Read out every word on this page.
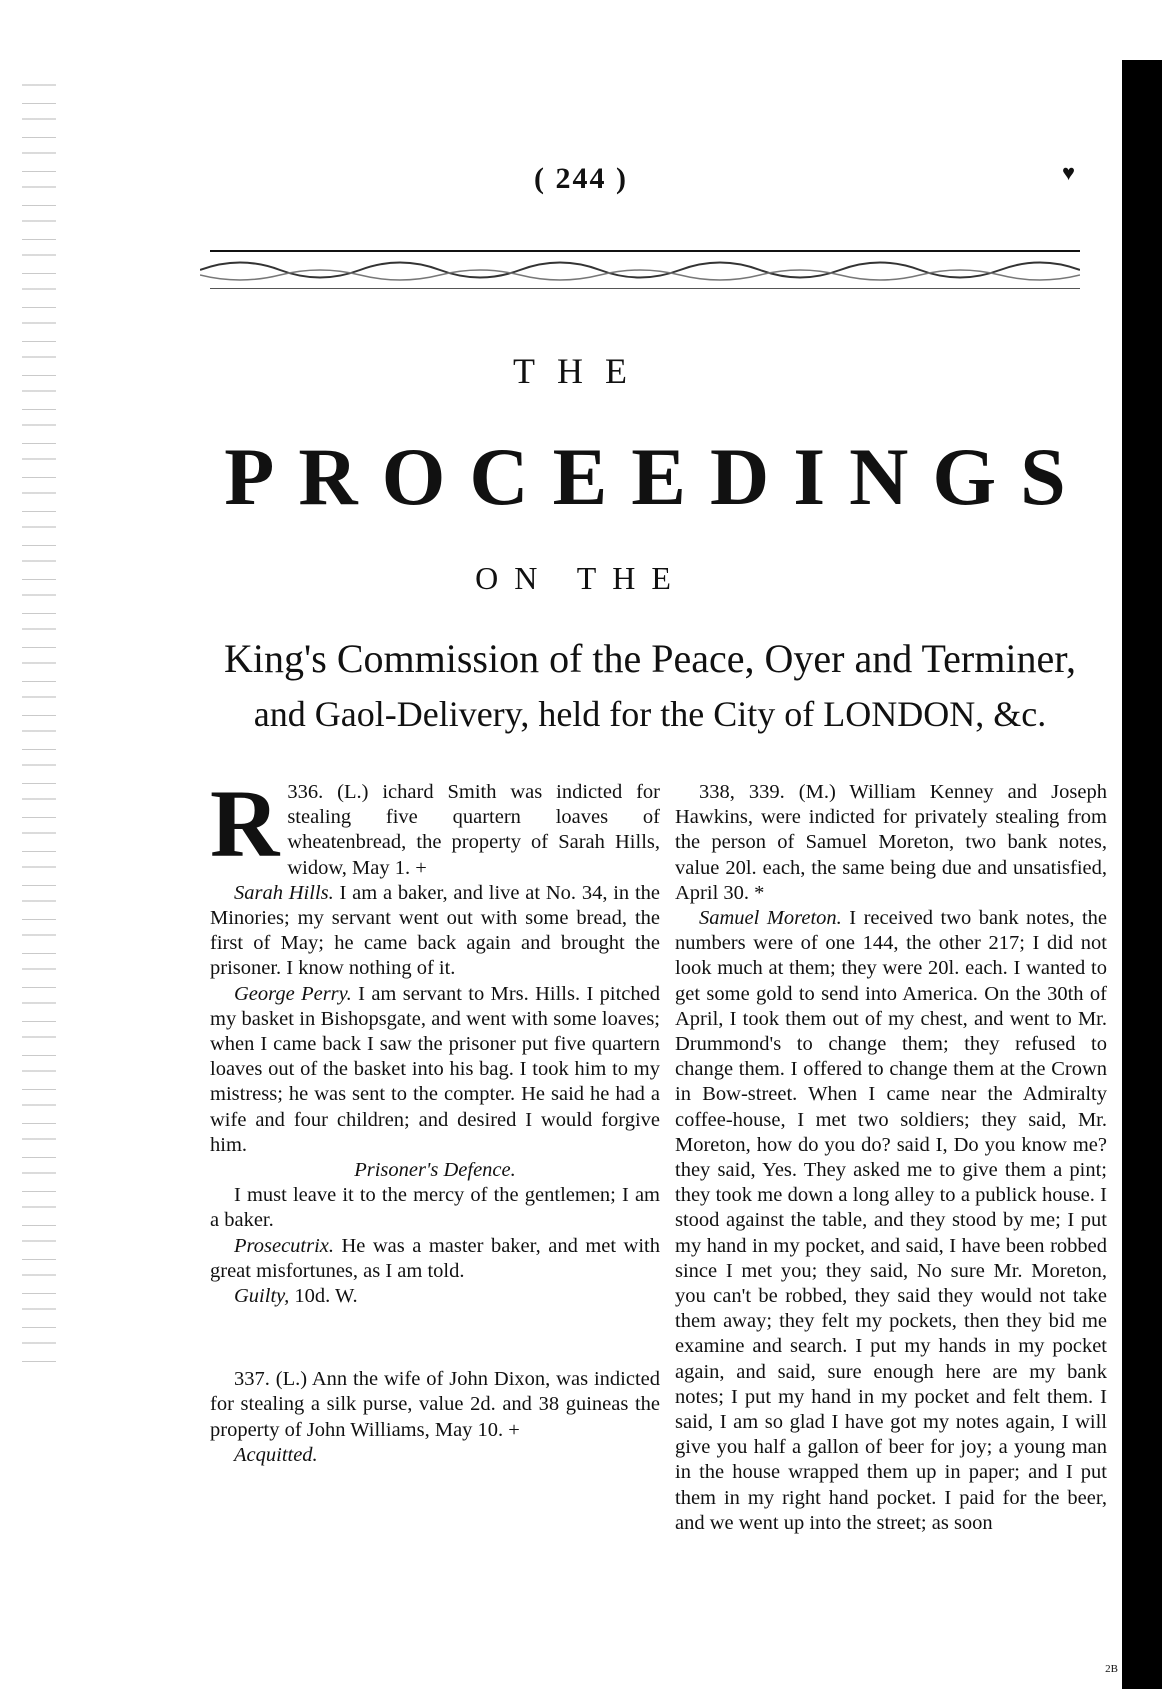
( 244 )	♥
THE
PROCEEDINGS
ON THE
King's Commission of the Peace, Oyer and Terminer,
and Gaol-Delivery, held for the City of LONDON, &c.

336. (L.)
R	ichard Smith was indicted for stealing five quartern loaves of wheatenbread, the property of Sarah Hills, widow, May 1. +

Sarah Hills. I am a baker, and live at No. 34, in the Minories; my servant went out with some bread, the first of May; he came back again and brought the prisoner. I know nothing of it.

George Perry. I am servant to Mrs. Hills. I pitched my basket in Bishopsgate, and went with some loaves; when I came back I saw the prisoner put five quartern loaves out of the basket into his bag. I took him to my mistress; he was sent to the compter. He said he had a wife and four children; and desired I would forgive him.

Prisoner's Defence.

I must leave it to the mercy of the gentlemen; I am a baker.

Prosecutrix. He was a master baker, and met with great misfortunes, as I am told.

Guilty, 10d. W.

337. (L.) Ann the wife of John Dixon, was indicted for stealing a silk purse, value 2d. and 38 guineas the property of John Williams, May 10. +

Acquitted.

338, 339. (M.) William Kenney and Joseph Hawkins, were indicted for privately stealing from the person of Samuel Moreton, two bank notes, value 20l. each, the same being due and unsatisfied, April 30. *

Samuel Moreton. I received two bank notes, the numbers were of one 144, the other 217; I did not look much at them; they were 20l. each. I wanted to get some gold to send into America. On the 30th of April, I took them out of my chest, and went to Mr. Drummond's to change them; they refused to change them. I offered to change them at the Crown in Bow-street. When I came near the Admiralty coffee-house, I met two soldiers; they said, Mr. Moreton, how do you do? said I, Do you know me? they said, Yes. They asked me to give them a pint; they took me down a long alley to a publick house. I stood against the table, and they stood by me; I put my hand in my pocket, and said, I have been robbed since I met you; they said, No sure Mr. Moreton, you can't be robbed, they said they would not take them away; they felt my pockets, then they bid me examine and search. I put my hands in my pocket again, and said, sure enough here are my bank notes; I put my hand in my pocket and felt them. I said, I am so glad I have got my notes again, I will give you half a gallon of beer for joy; a young man in the house wrapped them up in paper; and I put them in my right hand pocket. I paid for the beer, and we went up into the street; as soon

2B
